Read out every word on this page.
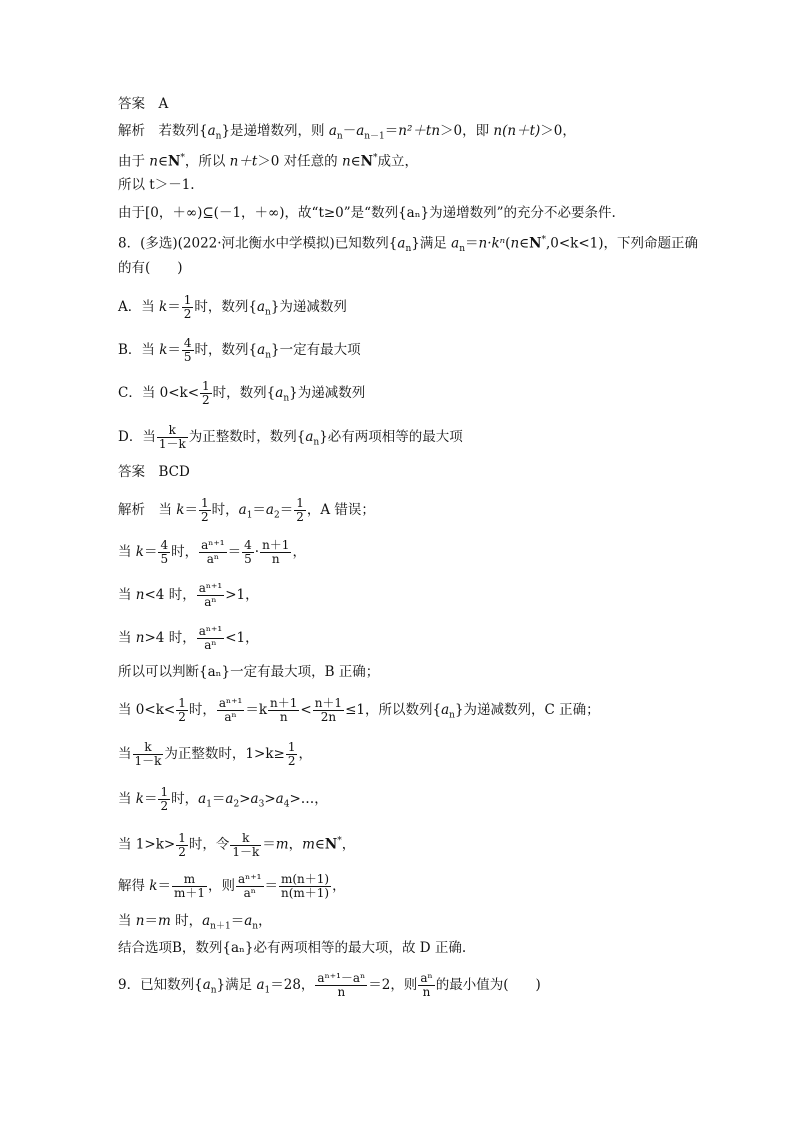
答案　A
解析　若数列$\{a_n\}$是递增数列，则 $a_n-a_{n-1}=n^2+tn>0$，即 n(n＋t)＞0，
由于 n∈N*，所以 n＋t＞0 对任意的 n∈N*成立，
所以 t＞－1.
由于[0，＋∞)⊆(－1，＋∞)，故“t≥0”是“数列{aₙ}为递增数列”的充分不必要条件.
8．(多选)(2022·河北衡水中学模拟)已知数列$\{a_n\}$满足 $a_n=n\cdot k^n(n\in N^*,0<k<1)$，下列命题正确
的有(　　)
A．当 $k= \frac{1}{2}$ 时，数列$\{a_n\}$为递减数列
B．当 $k= \frac{4}{5}$ 时，数列$\{a_n\}$一定有最大项
C．当 $0<k< \frac{1}{2}$ 时，数列$\{a_n\}$为递减数列
D．当 $\frac{k}{1-k}$ 为正整数时，数列$\{a_n\}$必有两项相等的最大项
答案　BCD
解析　当 $k= \frac{1}{2}$ 时，$a_1=a_2= \frac{1}{2}$ ，A 错误；
当 $k= \frac{4}{5}$ 时， $\frac{\text{aⁿ⁺¹}}{\text{aⁿ}} = \frac{4}{5} \cdot \frac{n+1}{n}$ ，
当 n<4 时， $\frac{\text{aⁿ⁺¹}}{\text{aⁿ}} >1$，
当 n>4 时， $\frac{\text{aⁿ⁺¹}}{\text{aⁿ}} <1$，
所以可以判断{aₙ}一定有最大项，B 正确；
当 $0<k< \frac{1}{2}$ 时， $\frac{\text{aⁿ⁺¹}}{\text{aⁿ}} =k \frac{n+1}{n} < \frac{n+1}{2n} \le 1$，所以数列$\{a_n\}$为递减数列，C 正确；
当 $\frac{k}{1-k}$ 为正整数时，$1>k\ge \frac{1}{2}$ ，
当 $k= \frac{1}{2}$ 时，$a_1=a_2>a_3>a_4>\dots$，
当 $1>k> \frac{1}{2}$ 时，令 $\frac{k}{1-k} =m$，m∈N*，
解得 $k= \frac{m}{m+1}$ ，则 $\frac{\text{aⁿ⁺¹}}{\text{aⁿ}} = \frac{m(n+1)}{n(m+1)}$ ，
当 n＝m 时，$a_{n+1}=a_n$，
结合选项B，数列{aₙ}必有两项相等的最大项，故 D 正确.
9．已知数列$\{a_n\}$满足 $a_1=28$， $\frac{\text{aⁿ⁺¹－aⁿ}}{n} =2$，则 $\frac{\text{aⁿ}}{n}$ 的最小值为(　　)
